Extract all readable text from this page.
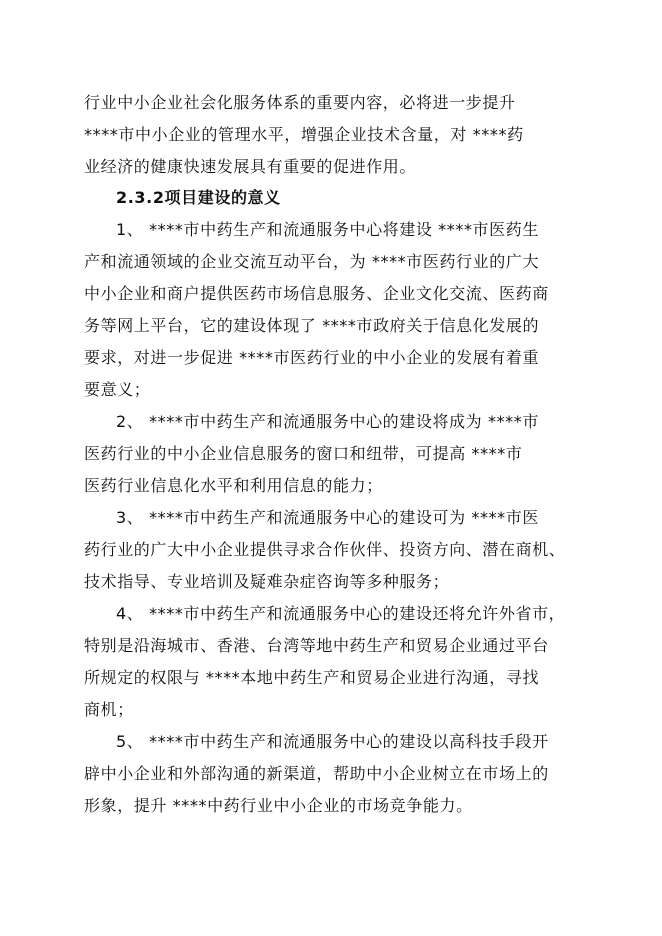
行业中小企业社会化服务体系的重要内容，必将进一步提升
****市中小企业的管理水平，增强企业技术含量，对 ****药
业经济的健康快速发展具有重要的促进作用。
2.3.2项目建设的意义
1、 ****市中药生产和流通服务中心将建设 ****市医药生
产和流通领域的企业交流互动平台，为 ****市医药行业的广大
中小企业和商户提供医药市场信息服务、企业文化交流、医药商
务等网上平台，它的建设体现了 ****市政府关于信息化发展的
要求，对进一步促进 ****市医药行业的中小企业的发展有着重
要意义；
2、 ****市中药生产和流通服务中心的建设将成为 ****市
医药行业的中小企业信息服务的窗口和纽带，可提高 ****市
医药行业信息化水平和利用信息的能力；
3、 ****市中药生产和流通服务中心的建设可为 ****市医
药行业的广大中小企业提供寻求合作伙伴、投资方向、潜在商机、
技术指导、专业培训及疑难杂症咨询等多种服务；
4、 ****市中药生产和流通服务中心的建设还将允许外省市，
特别是沿海城市、香港、台湾等地中药生产和贸易企业通过平台
所规定的权限与 ****本地中药生产和贸易企业进行沟通，寻找
商机；
5、 ****市中药生产和流通服务中心的建设以高科技手段开
辟中小企业和外部沟通的新渠道，帮助中小企业树立在市场上的
形象，提升 ****中药行业中小企业的市场竞争能力。
